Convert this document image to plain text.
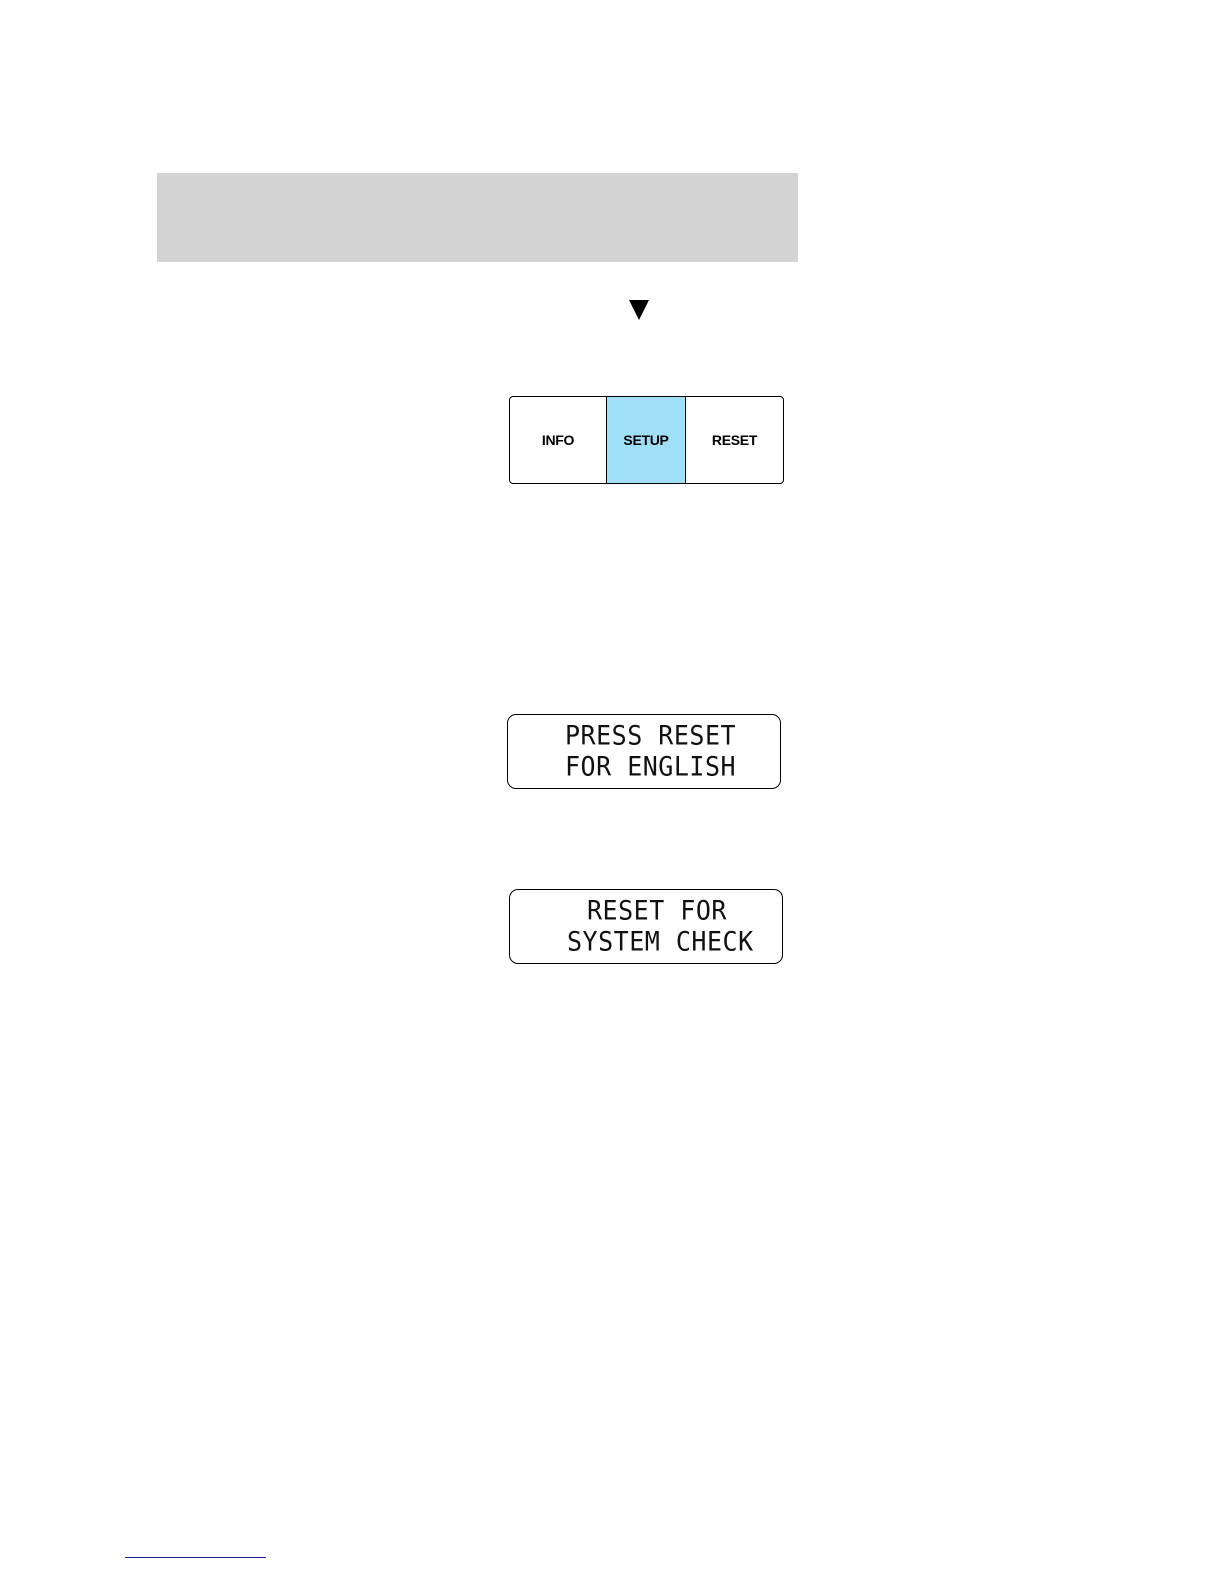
INFO	SETUP	RESET
PRESS RESET
FOR ENGLISH
RESET FOR
SYSTEM CHECK
